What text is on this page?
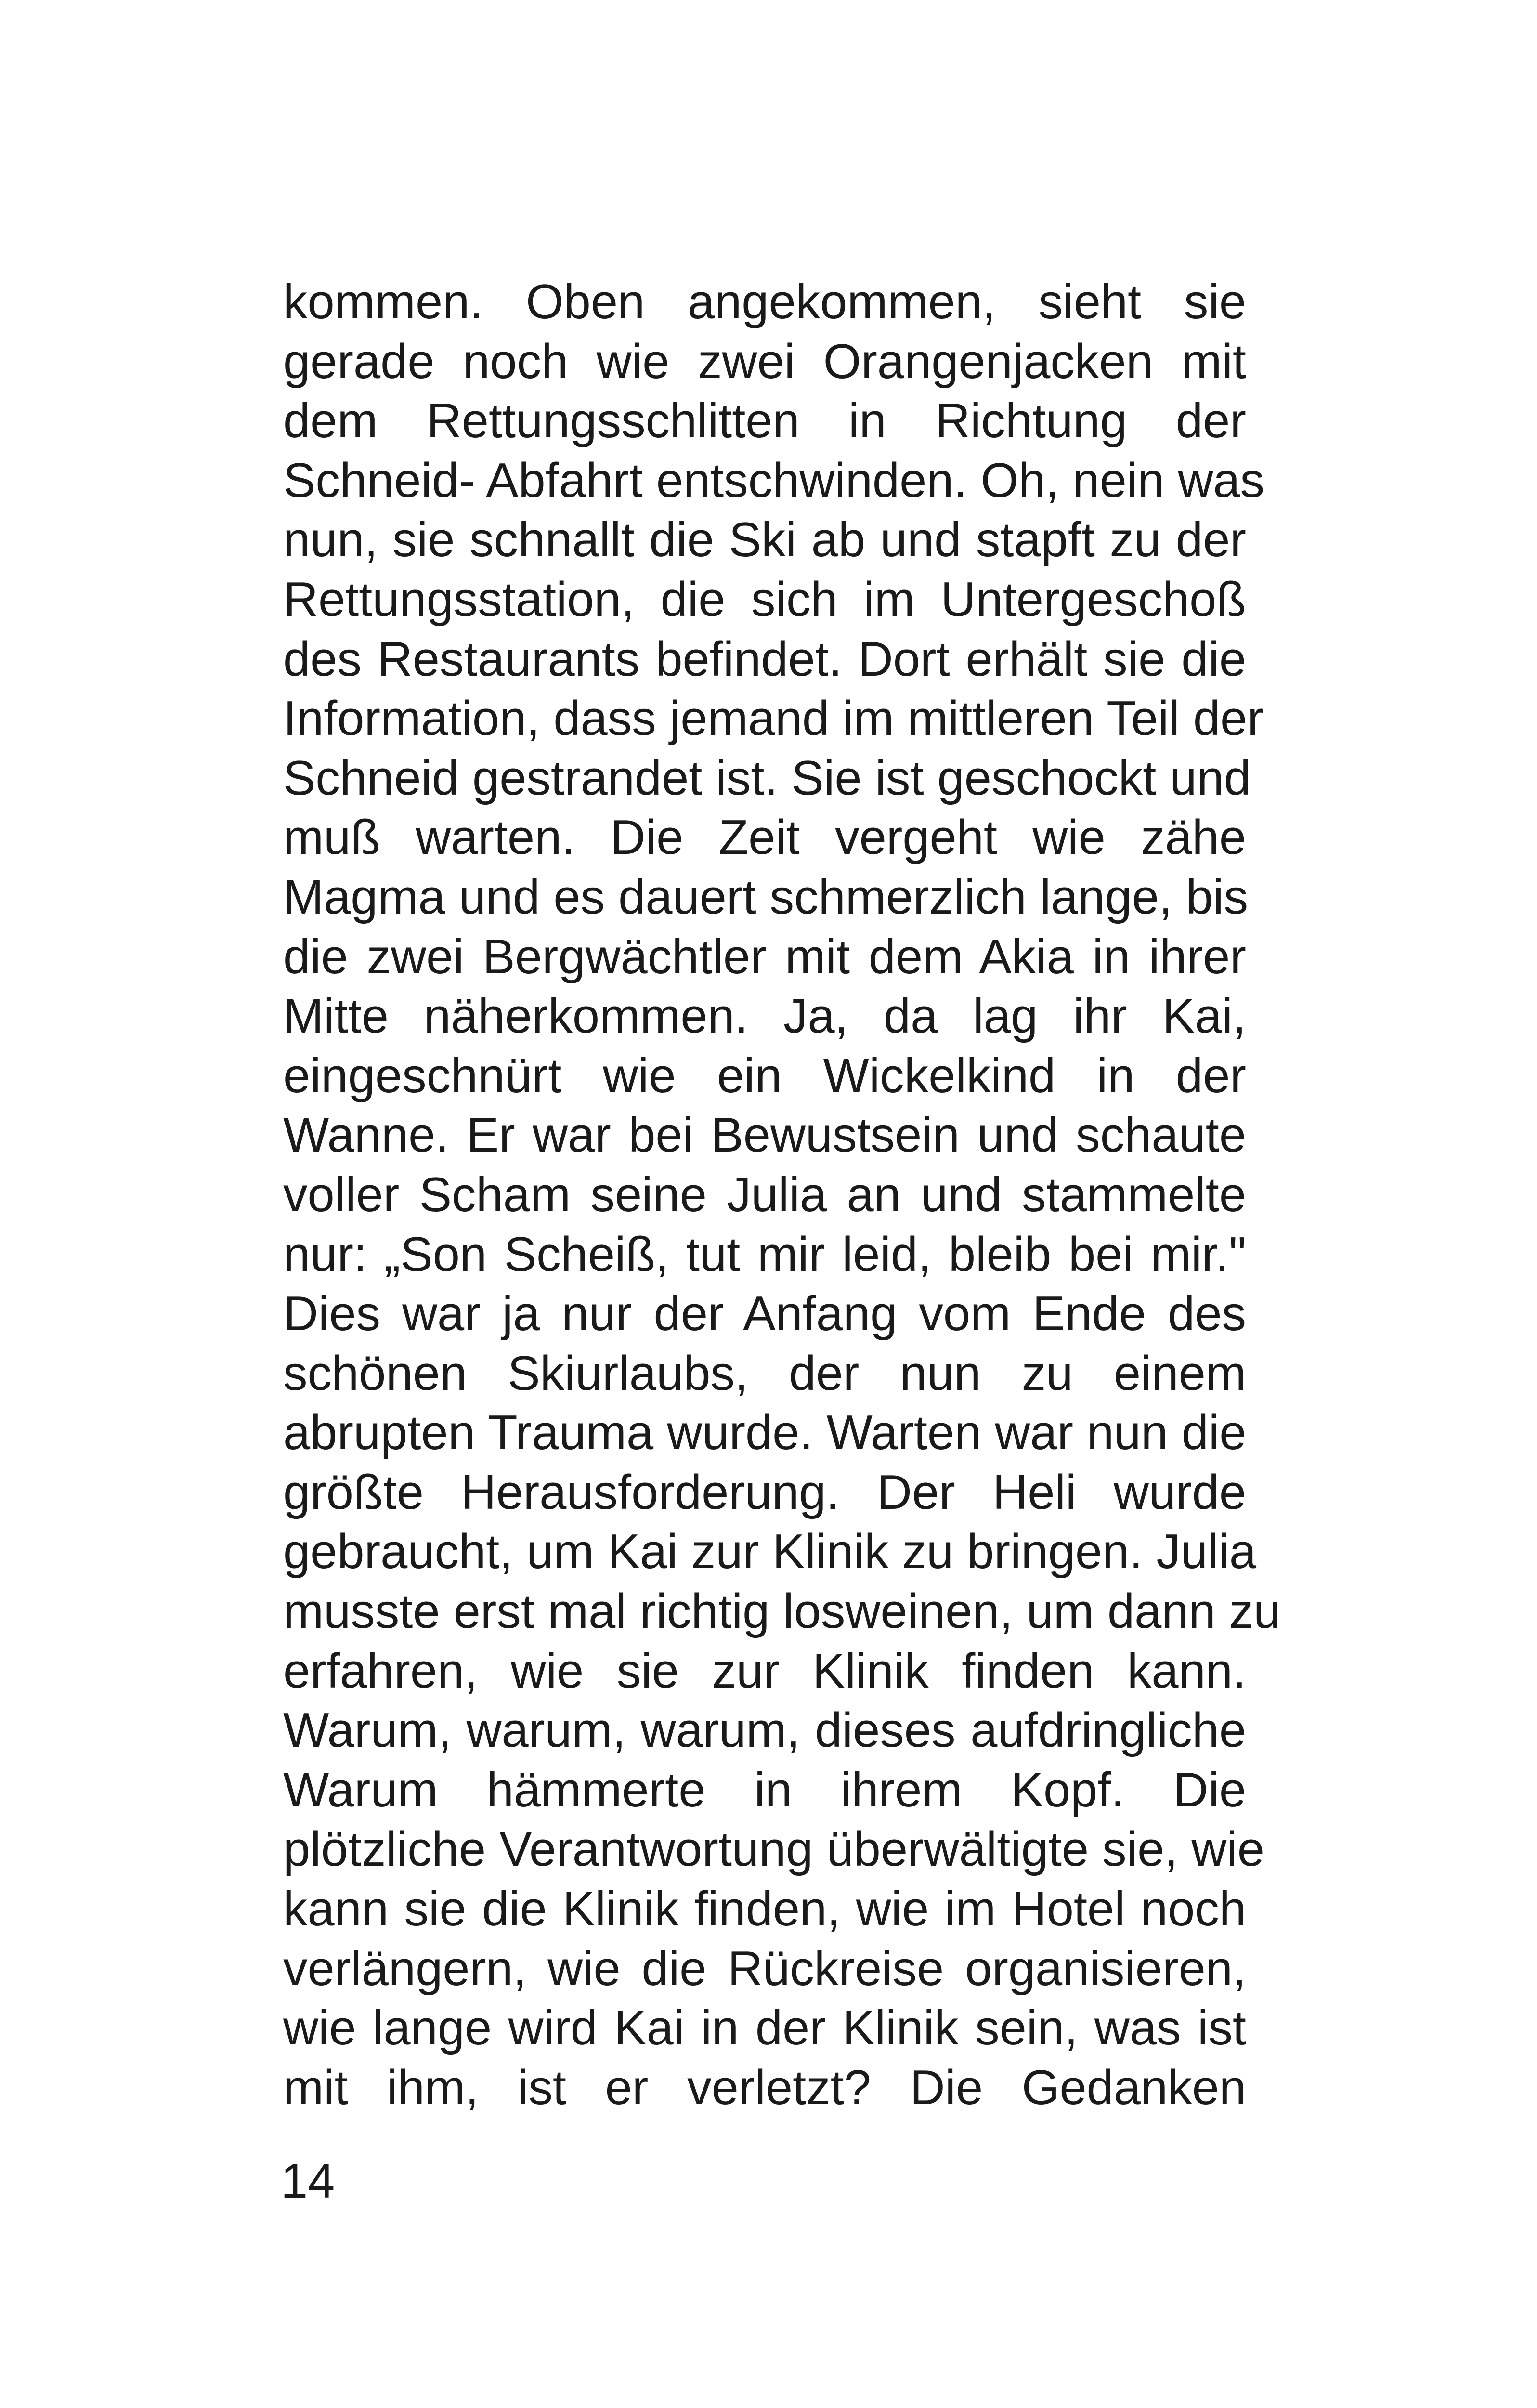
kommen. Oben angekommen, sieht sie
gerade noch wie zwei Orangenjacken mit
dem Rettungsschlitten in Richtung der
Schneid- Abfahrt entschwinden. Oh, nein was
nun, sie schnallt die Ski ab und stapft zu der
Rettungsstation, die sich im Untergeschoß
des Restaurants befindet. Dort erhält sie die
Information, dass jemand im mittleren Teil der
Schneid gestrandet ist. Sie ist geschockt und
muß warten. Die Zeit vergeht wie zähe
Magma und es dauert schmerzlich lange, bis
die zwei Bergwächtler mit dem Akia in ihrer
Mitte näherkommen. Ja, da lag ihr Kai,
eingeschnürt wie ein Wickelkind in der
Wanne. Er war bei Bewustsein und schaute
voller Scham seine Julia an und stammelte
nur: „Son Scheiß, tut mir leid, bleib bei mir."
Dies war ja nur der Anfang vom Ende des
schönen Skiurlaubs, der nun zu einem
abrupten Trauma wurde. Warten war nun die
größte Herausforderung. Der Heli wurde
gebraucht, um Kai zur Klinik zu bringen. Julia
musste erst mal richtig losweinen, um dann zu
erfahren, wie sie zur Klinik finden kann.
Warum, warum, warum, dieses aufdringliche
Warum hämmerte in ihrem Kopf. Die
plötzliche Verantwortung überwältigte sie, wie
kann sie die Klinik finden, wie im Hotel noch
verlängern, wie die Rückreise organisieren,
wie lange wird Kai in der Klinik sein, was ist
mit ihm, ist er verletzt? Die Gedanken
14
